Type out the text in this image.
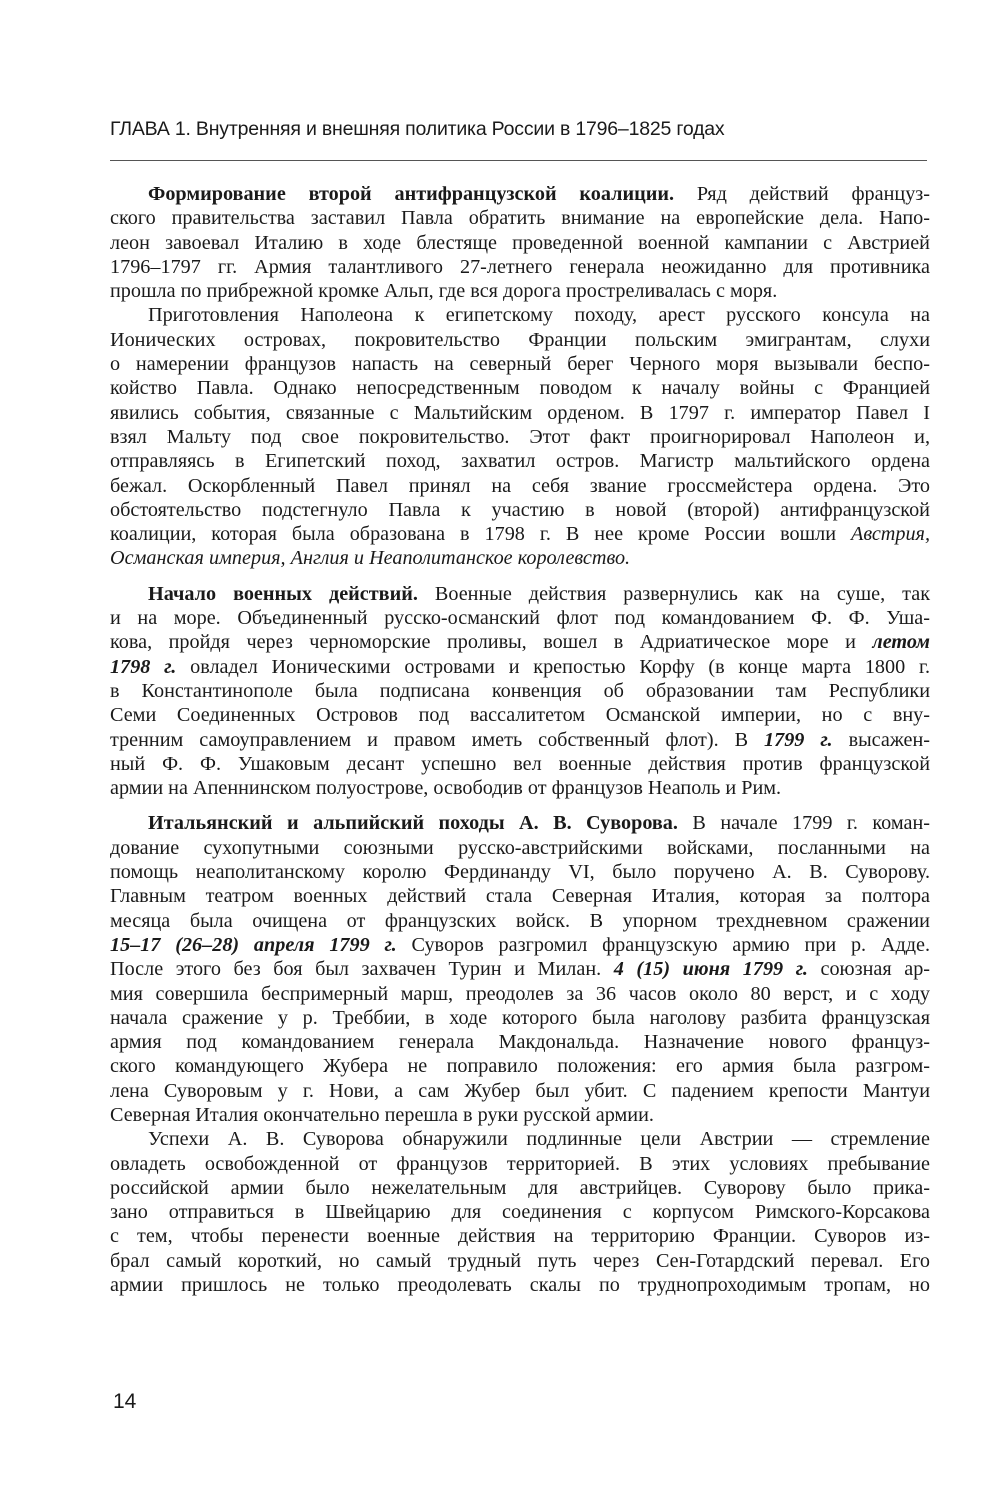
ГЛАВА 1. Внутренняя и внешняя политика России в 1796–1825 годах
Формирование второй антифранцузской коалиции. Ряд действий француз-
ского правительства заставил Павла обратить внимание на европейские дела. Напо-
леон завоевал Италию в ходе блестяще проведенной военной кампании с Австрией
1796–1797 гг. Армия талантливого 27-летнего генерала неожиданно для противника
прошла по прибрежной кромке Альп, где вся дорога простреливалась с моря.
Приготовления Наполеона к египетскому походу, арест русского консула на
Ионических островах, покровительство Франции польским эмигрантам, слухи
о намерении французов напасть на северный берег Черного моря вызывали беспо-
койство Павла. Однако непосредственным поводом к началу войны с Францией
явились события, связанные с Мальтийским орденом. В 1797 г. император Павел I
взял Мальту под свое покровительство. Этот факт проигнорировал Наполеон и,
отправляясь в Египетский поход, захватил остров. Магистр мальтийского ордена
бежал. Оскорбленный Павел принял на себя звание гроссмейстера ордена. Это
обстоятельство подстегнуло Павла к участию в новой (второй) антифранцузской
коалиции, которая была образована в 1798 г. В нее кроме России вошли Австрия,
Османская империя, Англия и Неаполитанское королевство.
Начало военных действий. Военные действия развернулись как на суше, так
и на море. Объединенный русско-османский флот под командованием Ф. Ф. Уша-
кова, пройдя через черноморские проливы, вошел в Адриатическое море и летом
1798 г. овладел Ионическими островами и крепостью Корфу (в конце марта 1800 г.
в Константинополе была подписана конвенция об образовании там Республики
Семи Соединенных Островов под вассалитетом Османской империи, но с вну-
тренним самоуправлением и правом иметь собственный флот). В 1799 г. высажен-
ный Ф. Ф. Ушаковым десант успешно вел военные действия против французской
армии на Апеннинском полуострове, освободив от французов Неаполь и Рим.
Итальянский и альпийский походы А. В. Суворова. В начале 1799 г. коман-
дование сухопутными союзными русско-австрийскими войсками, посланными на
помощь неаполитанскому королю Фердинанду VI, было поручено А. В. Суворову.
Главным театром военных действий стала Северная Италия, которая за полтора
месяца была очищена от французских войск. В упорном трехдневном сражении
15–17 (26–28) апреля 1799 г. Суворов разгромил французскую армию при р. Адде.
После этого без боя был захвачен Турин и Милан. 4 (15) июня 1799 г. союзная ар-
мия совершила беспримерный марш, преодолев за 36 часов около 80 верст, и с ходу
начала сражение у р. Треббии, в ходе которого была наголову разбита французская
армия под командованием генерала Макдональда. Назначение нового француз-
ского командующего Жубера не поправило положения: его армия была разгром-
лена Суворовым у г. Нови, а сам Жубер был убит. С падением крепости Мантуи
Северная Италия окончательно перешла в руки русской армии.
Успехи А. В. Суворова обнаружили подлинные цели Австрии — стремление
овладеть освобожденной от французов территорией. В этих условиях пребывание
российской армии было нежелательным для австрийцев. Суворову было прика-
зано отправиться в Швейцарию для соединения с корпусом Римского-Корсакова
с тем, чтобы перенести военные действия на территорию Франции. Суворов из-
брал самый короткий, но самый трудный путь через Сен-Готардский перевал. Его
армии пришлось не только преодолевать скалы по труднопроходимым тропам, но
14
